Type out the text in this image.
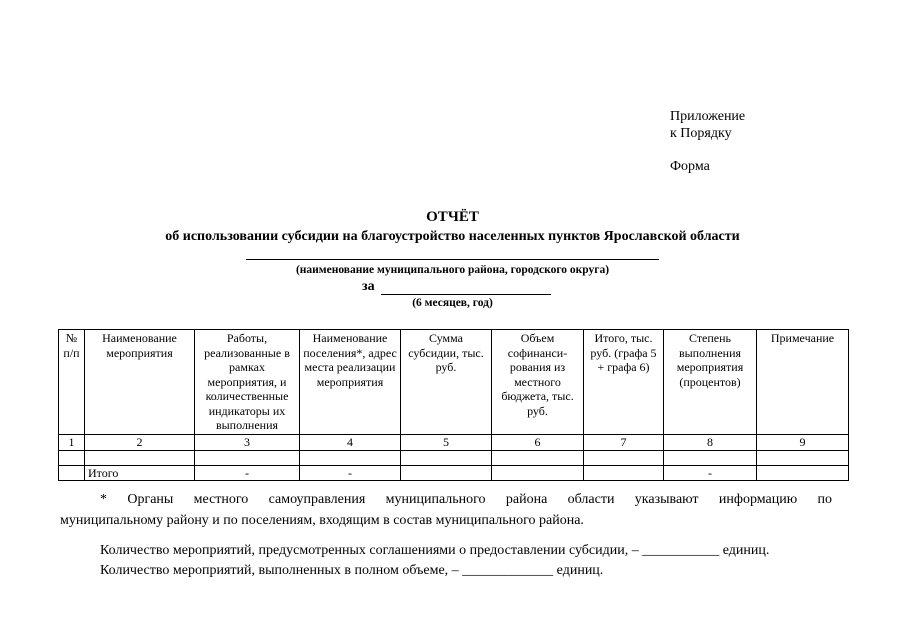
Приложение
к Порядку
Форма
ОТЧЁТ
об использовании субсидии на благоустройство населенных пунктов Ярославской области
(наименование муниципального района, городского округа)
за
(6 месяцев, год)
№ п/п	Наименование мероприятия	Работы, реализованные в рамках мероприятия, и количественные индикаторы их выполнения	Наименование поселения*, адрес места реализации мероприятия	Сумма субсидии, тыс. руб.	Объем софинанси-рования из местного бюджета, тыс. руб.	Итого, тыс. руб. (графа 5 + графа 6)	Степень выполнения мероприятия (процентов)	Примечание
1	2	3	4	5	6	7	8	9

	Итого	-	-				-	
* Органы местного самоуправления муниципального района области указывают информацию по
муниципальному району и по поселениям, входящим в состав муниципального района.
Количество мероприятий, предусмотренных соглашениями о предоставлении субсидии, – ___________ единиц.
Количество мероприятий, выполненных в полном объеме, – _____________ единиц.
